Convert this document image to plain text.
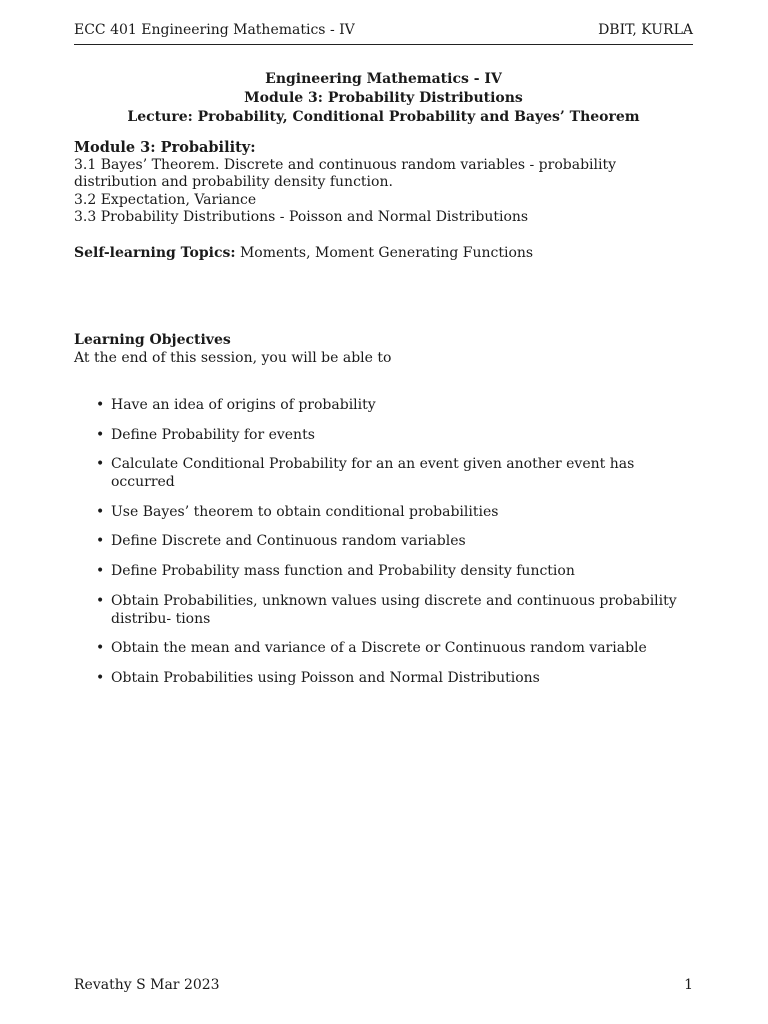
ECC 401 Engineering Mathematics - IV	DBIT, KURLA
Engineering Mathematics - IV
Module 3: Probability Distributions
Lecture: Probability, Conditional Probability and Bayes’ Theorem
Module 3: Probability:
3.1 Bayes’ Theorem. Discrete and continuous random variables - probability distribution and probability density function.
3.2 Expectation, Variance
3.3 Probability Distributions - Poisson and Normal Distributions
Self-learning Topics: Moments, Moment Generating Functions
Learning Objectives
At the end of this session, you will be able to
• Have an idea of origins of probability
• Define Probability for events
• Calculate Conditional Probability for an an event given another event has occurred
• Use Bayes’ theorem to obtain conditional probabilities
• Define Discrete and Continuous random variables
• Define Probability mass function and Probability density function
• Obtain Probabilities, unknown values using discrete and continuous probability distribu- tions
• Obtain the mean and variance of a Discrete or Continuous random variable
• Obtain Probabilities using Poisson and Normal Distributions
Revathy S Mar 2023	1
